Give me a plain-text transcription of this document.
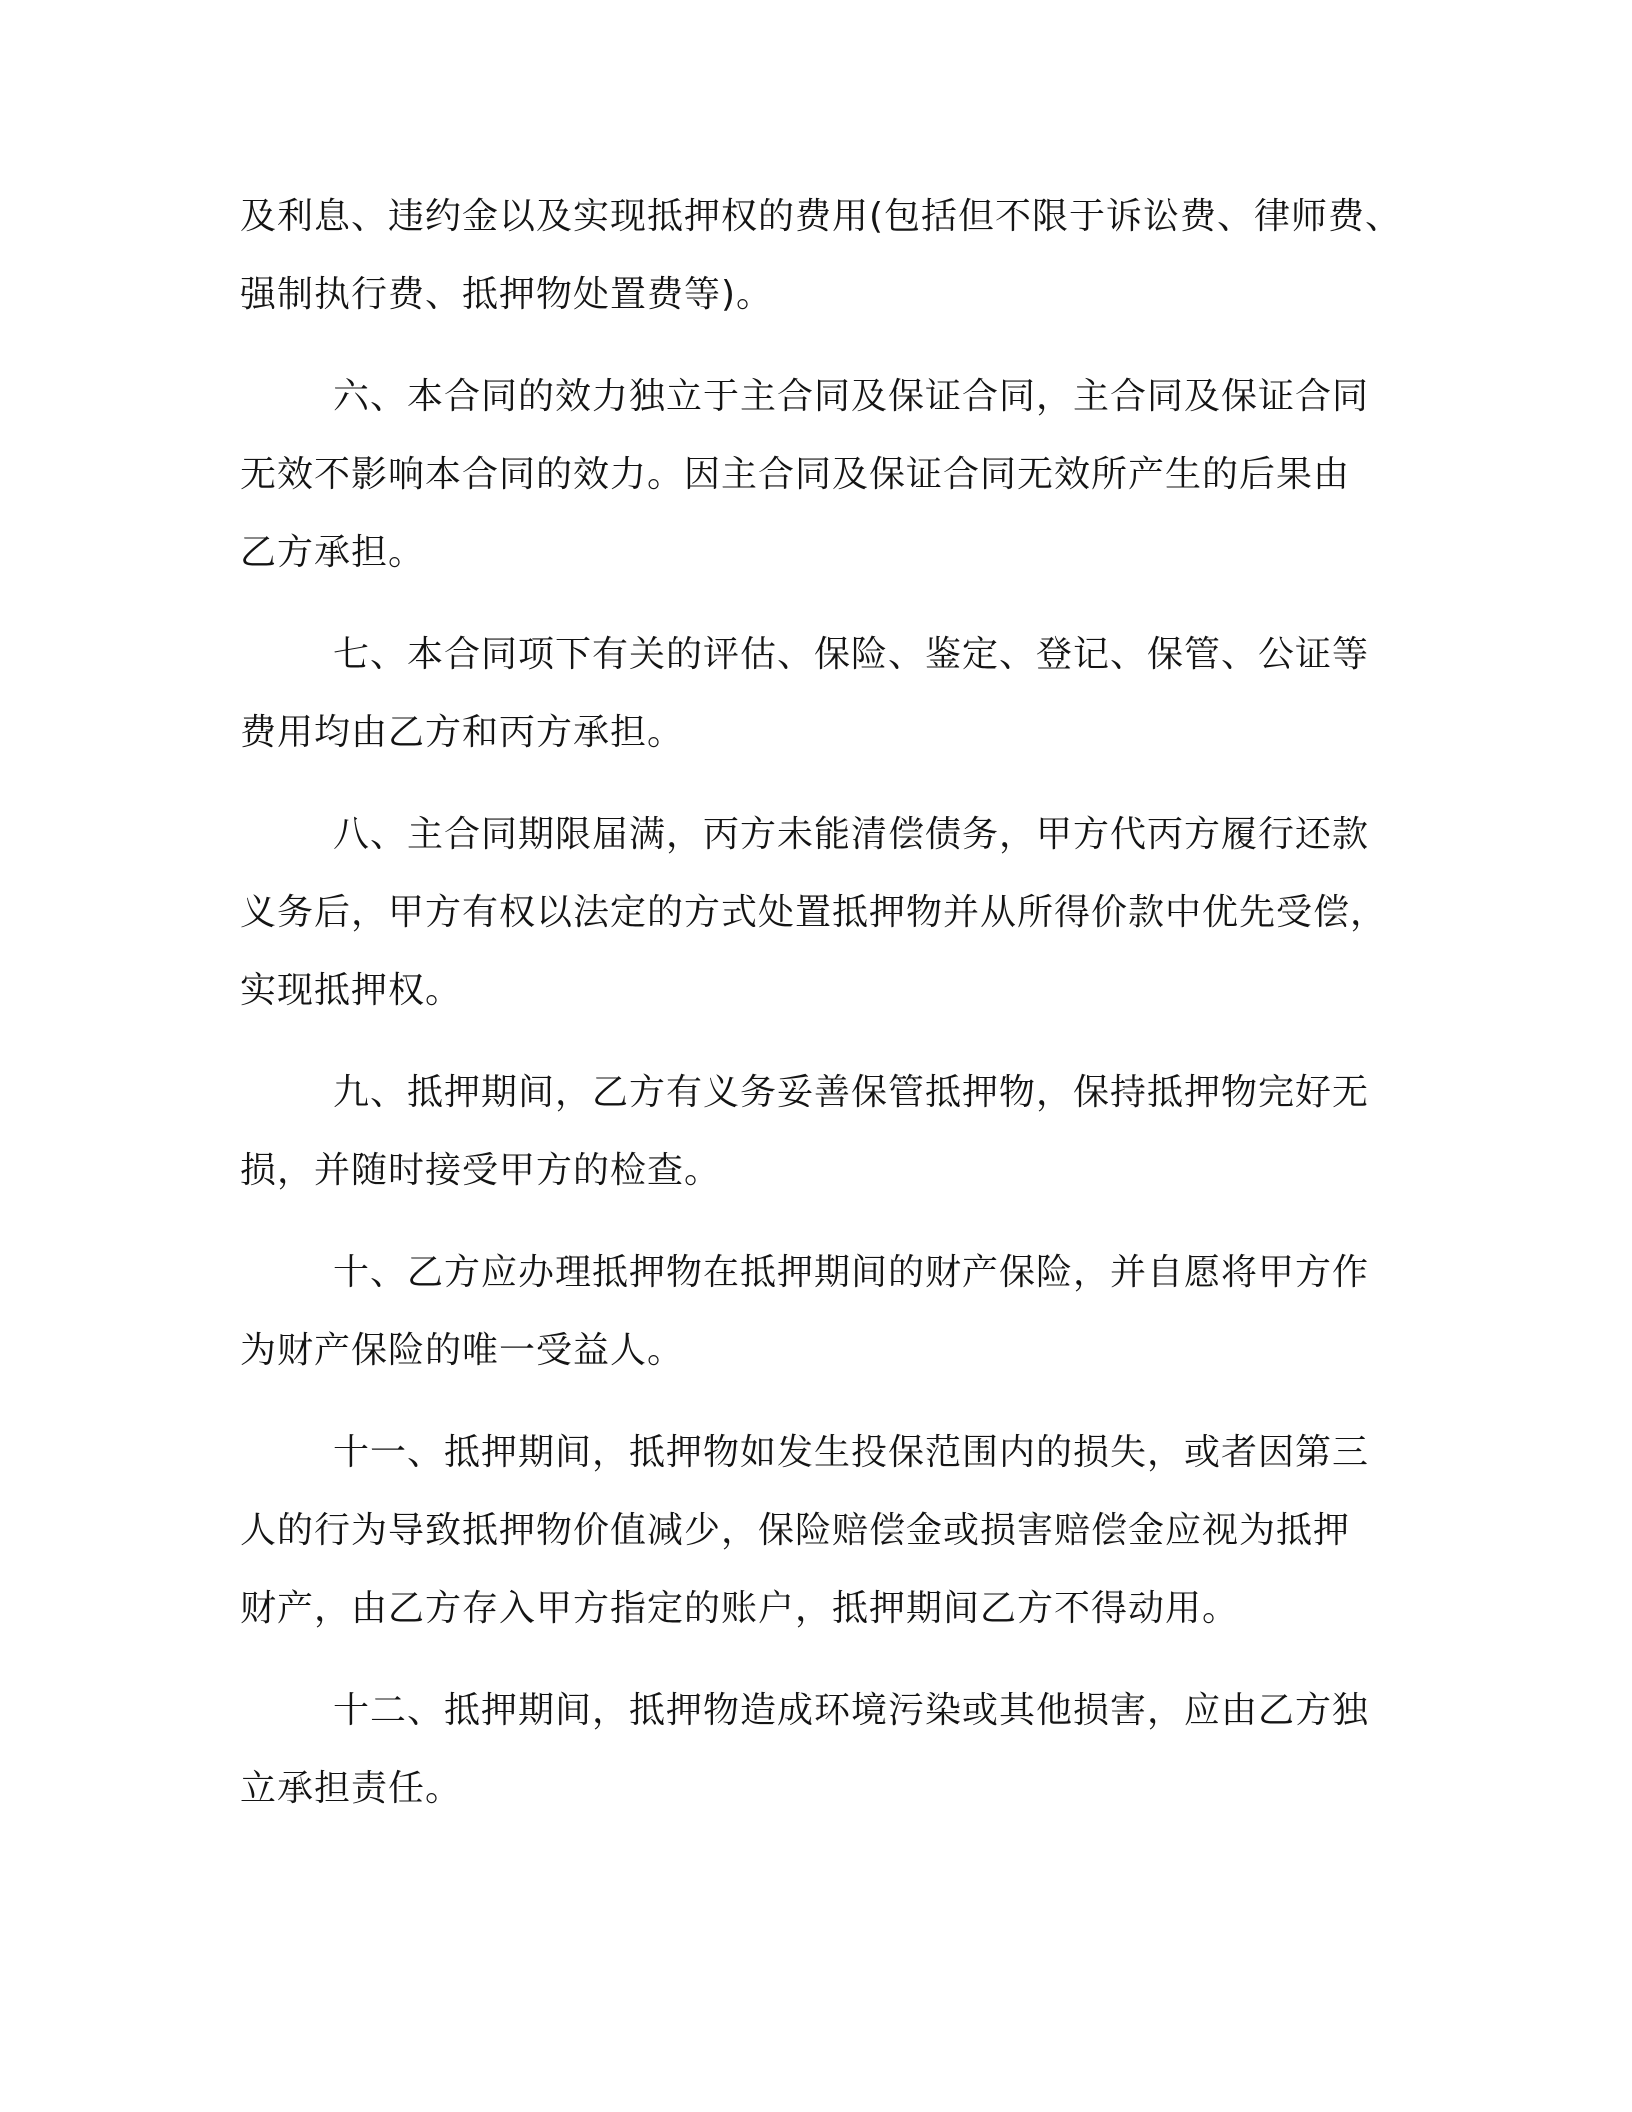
及利息、违约金以及实现抵押权的费用(包括但不限于诉讼费、律师费、
强制执行费、抵押物处置费等)。
六、本合同的效力独立于主合同及保证合同，主合同及保证合同
无效不影响本合同的效力。因主合同及保证合同无效所产生的后果由
乙方承担。
七、本合同项下有关的评估、保险、鉴定、登记、保管、公证等
费用均由乙方和丙方承担。
八、主合同期限届满，丙方未能清偿债务，甲方代丙方履行还款
义务后，甲方有权以法定的方式处置抵押物并从所得价款中优先受偿，
实现抵押权。
九、抵押期间，乙方有义务妥善保管抵押物，保持抵押物完好无
损，并随时接受甲方的检查。
十、乙方应办理抵押物在抵押期间的财产保险，并自愿将甲方作
为财产保险的唯一受益人。
十一、抵押期间，抵押物如发生投保范围内的损失，或者因第三
人的行为导致抵押物价值减少，保险赔偿金或损害赔偿金应视为抵押
财产，由乙方存入甲方指定的账户，抵押期间乙方不得动用。
十二、抵押期间，抵押物造成环境污染或其他损害，应由乙方独
立承担责任。
